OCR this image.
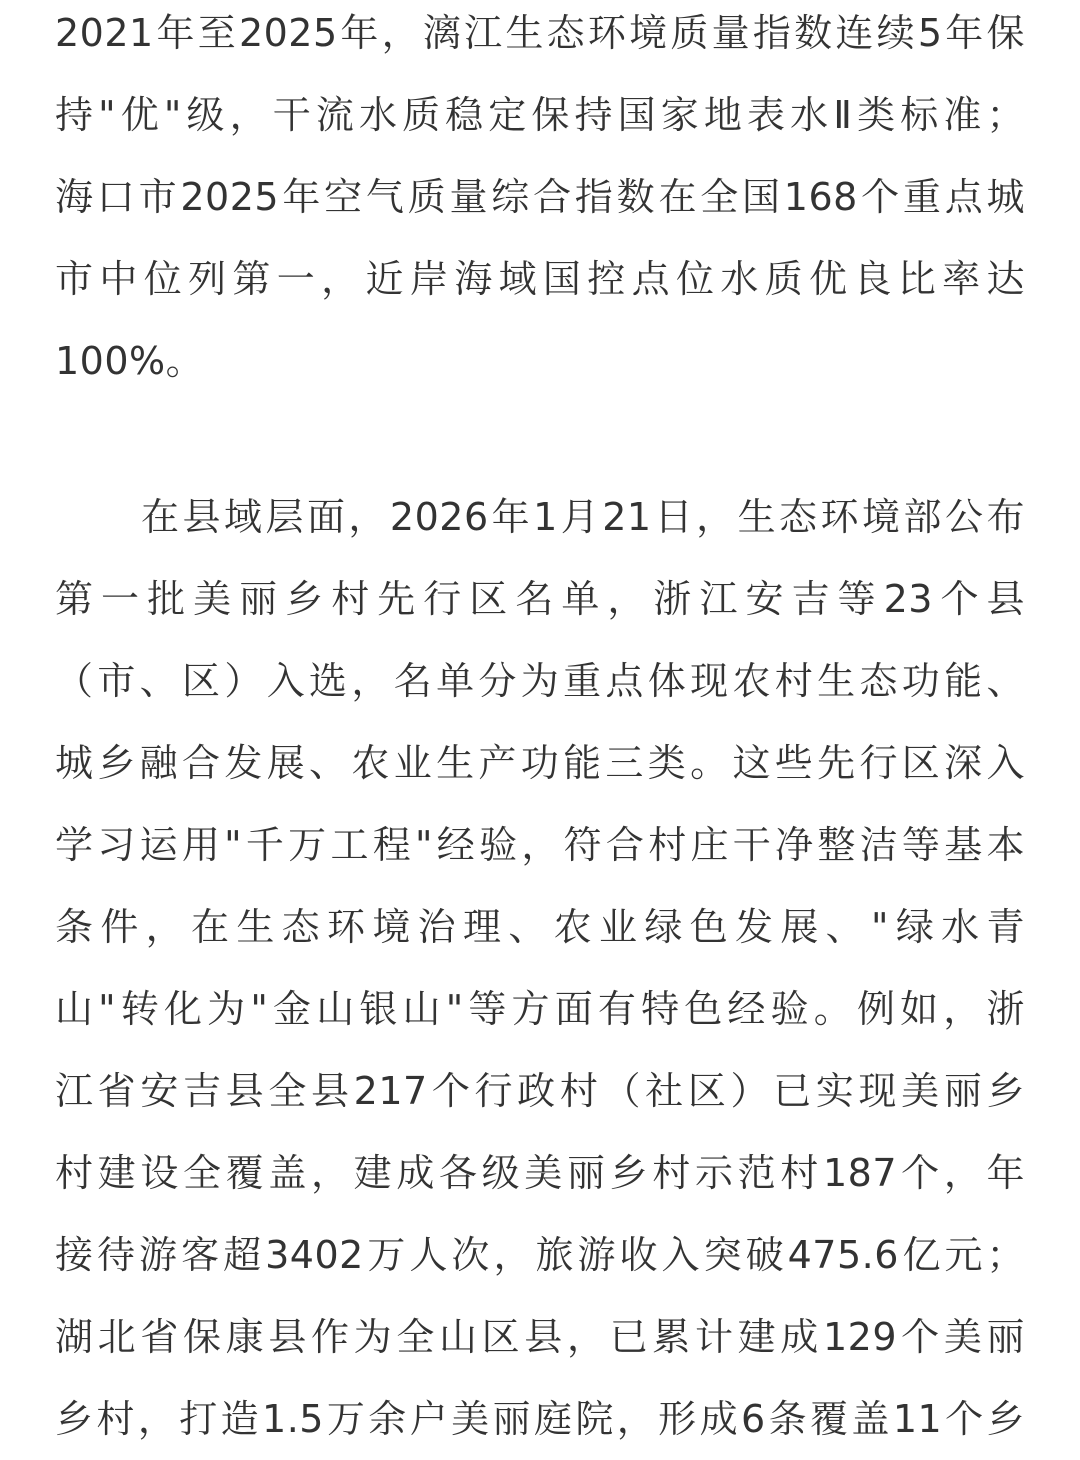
2021年至2025年，漓江生态环境质量指数连续5年保
持"优"级，干流水质稳定保持国家地表水Ⅱ类标准；
海口市2025年空气质量综合指数在全国168个重点城
市中位列第一，近岸海域国控点位水质优良比率达
100%。
在县域层面，2026年1月21日，生态环境部公布
第一批美丽乡村先行区名单，浙江安吉等23个县
（市、区）入选，名单分为重点体现农村生态功能、
城乡融合发展、农业生产功能三类。这些先行区深入
学习运用"千万工程"经验，符合村庄干净整洁等基本
条件，在生态环境治理、农业绿色发展、"绿水青
山"转化为"金山银山"等方面有特色经验。例如，浙
江省安吉县全县217个行政村（社区）已实现美丽乡
村建设全覆盖，建成各级美丽乡村示范村187个，年
接待游客超3402万人次，旅游收入突破475.6亿元；
湖北省保康县作为全山区县，已累计建成129个美丽
乡村，打造1.5万余户美丽庭院，形成6条覆盖11个乡
